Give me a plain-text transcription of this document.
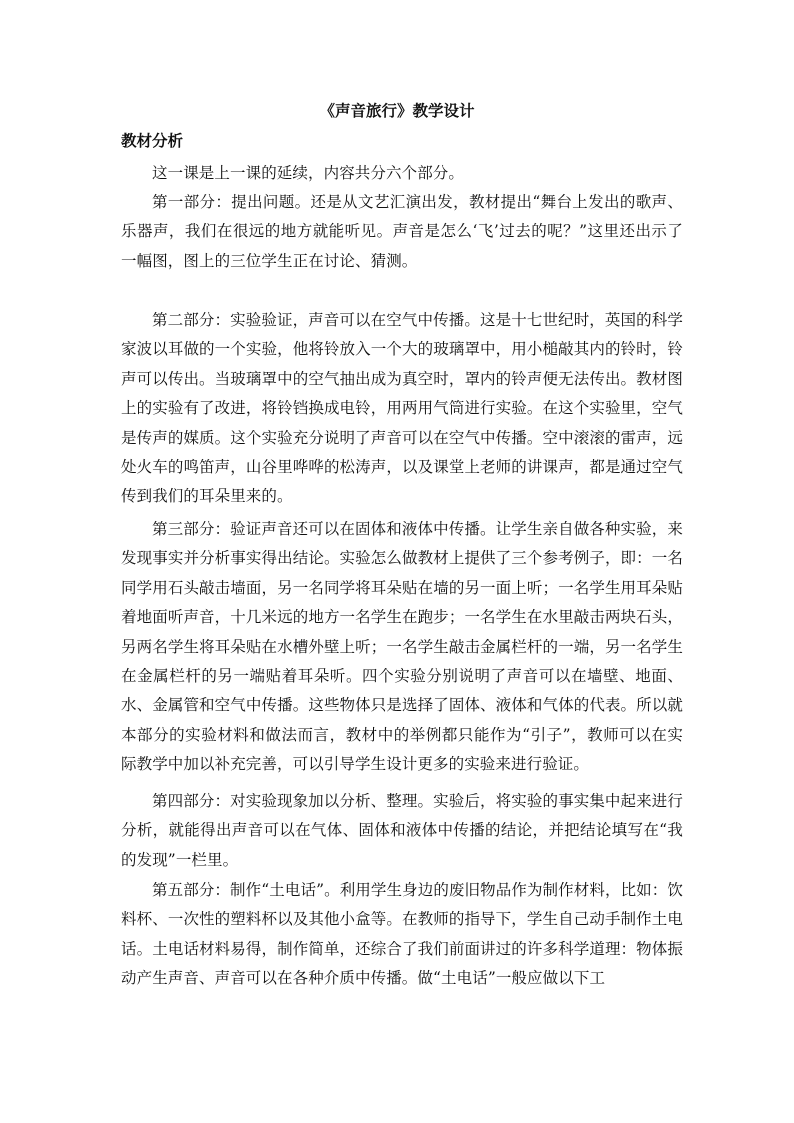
《声音旅行》教学设计
教材分析

这一课是上一课的延续，内容共分六个部分。

第一部分：提出问题。还是从文艺汇演出发，教材提出“舞台上发出的歌声、乐器声，我们在很远的地方就能听见。声音是怎么‘飞’过去的呢？”这里还出示了一幅图，图上的三位学生正在讨论、猜测。

第二部分：实验验证，声音可以在空气中传播。这是十七世纪时，英国的科学家波以耳做的一个实验，他将铃放入一个大的玻璃罩中，用小槌敲其内的铃时，铃声可以传出。当玻璃罩中的空气抽出成为真空时，罩内的铃声便无法传出。教材图上的实验有了改进，将铃铛换成电铃，用两用气筒进行实验。在这个实验里，空气是传声的媒质。这个实验充分说明了声音可以在空气中传播。空中滚滚的雷声，远处火车的鸣笛声，山谷里哗哗的松涛声，以及课堂上老师的讲课声，都是通过空气传到我们的耳朵里来的。

第三部分：验证声音还可以在固体和液体中传播。让学生亲自做各种实验，来发现事实并分析事实得出结论。实验怎么做教材上提供了三个参考例子，即：一名同学用石头敲击墙面，另一名同学将耳朵贴在墙的另一面上听；一名学生用耳朵贴着地面听声音，十几米远的地方一名学生在跑步；一名学生在水里敲击两块石头，另两名学生将耳朵贴在水槽外壁上听；一名学生敲击金属栏杆的一端，另一名学生在金属栏杆的另一端贴着耳朵听。四个实验分别说明了声音可以在墙壁、地面、水、金属管和空气中传播。这些物体只是选择了固体、液体和气体的代表。所以就本部分的实验材料和做法而言，教材中的举例都只能作为“引子”，教师可以在实际教学中加以补充完善，可以引导学生设计更多的实验来进行验证。

第四部分：对实验现象加以分析、整理。实验后，将实验的事实集中起来进行分析，就能得出声音可以在气体、固体和液体中传播的结论，并把结论填写在“我的发现”一栏里。

第五部分：制作“土电话”。利用学生身边的废旧物品作为制作材料，比如：饮料杯、一次性的塑料杯以及其他小盒等。在教师的指导下，学生自己动手制作土电话。土电话材料易得，制作简单，还综合了我们前面讲过的许多科学道理：物体振动产生声音、声音可以在各种介质中传播。做“土电话”一般应做以下工
